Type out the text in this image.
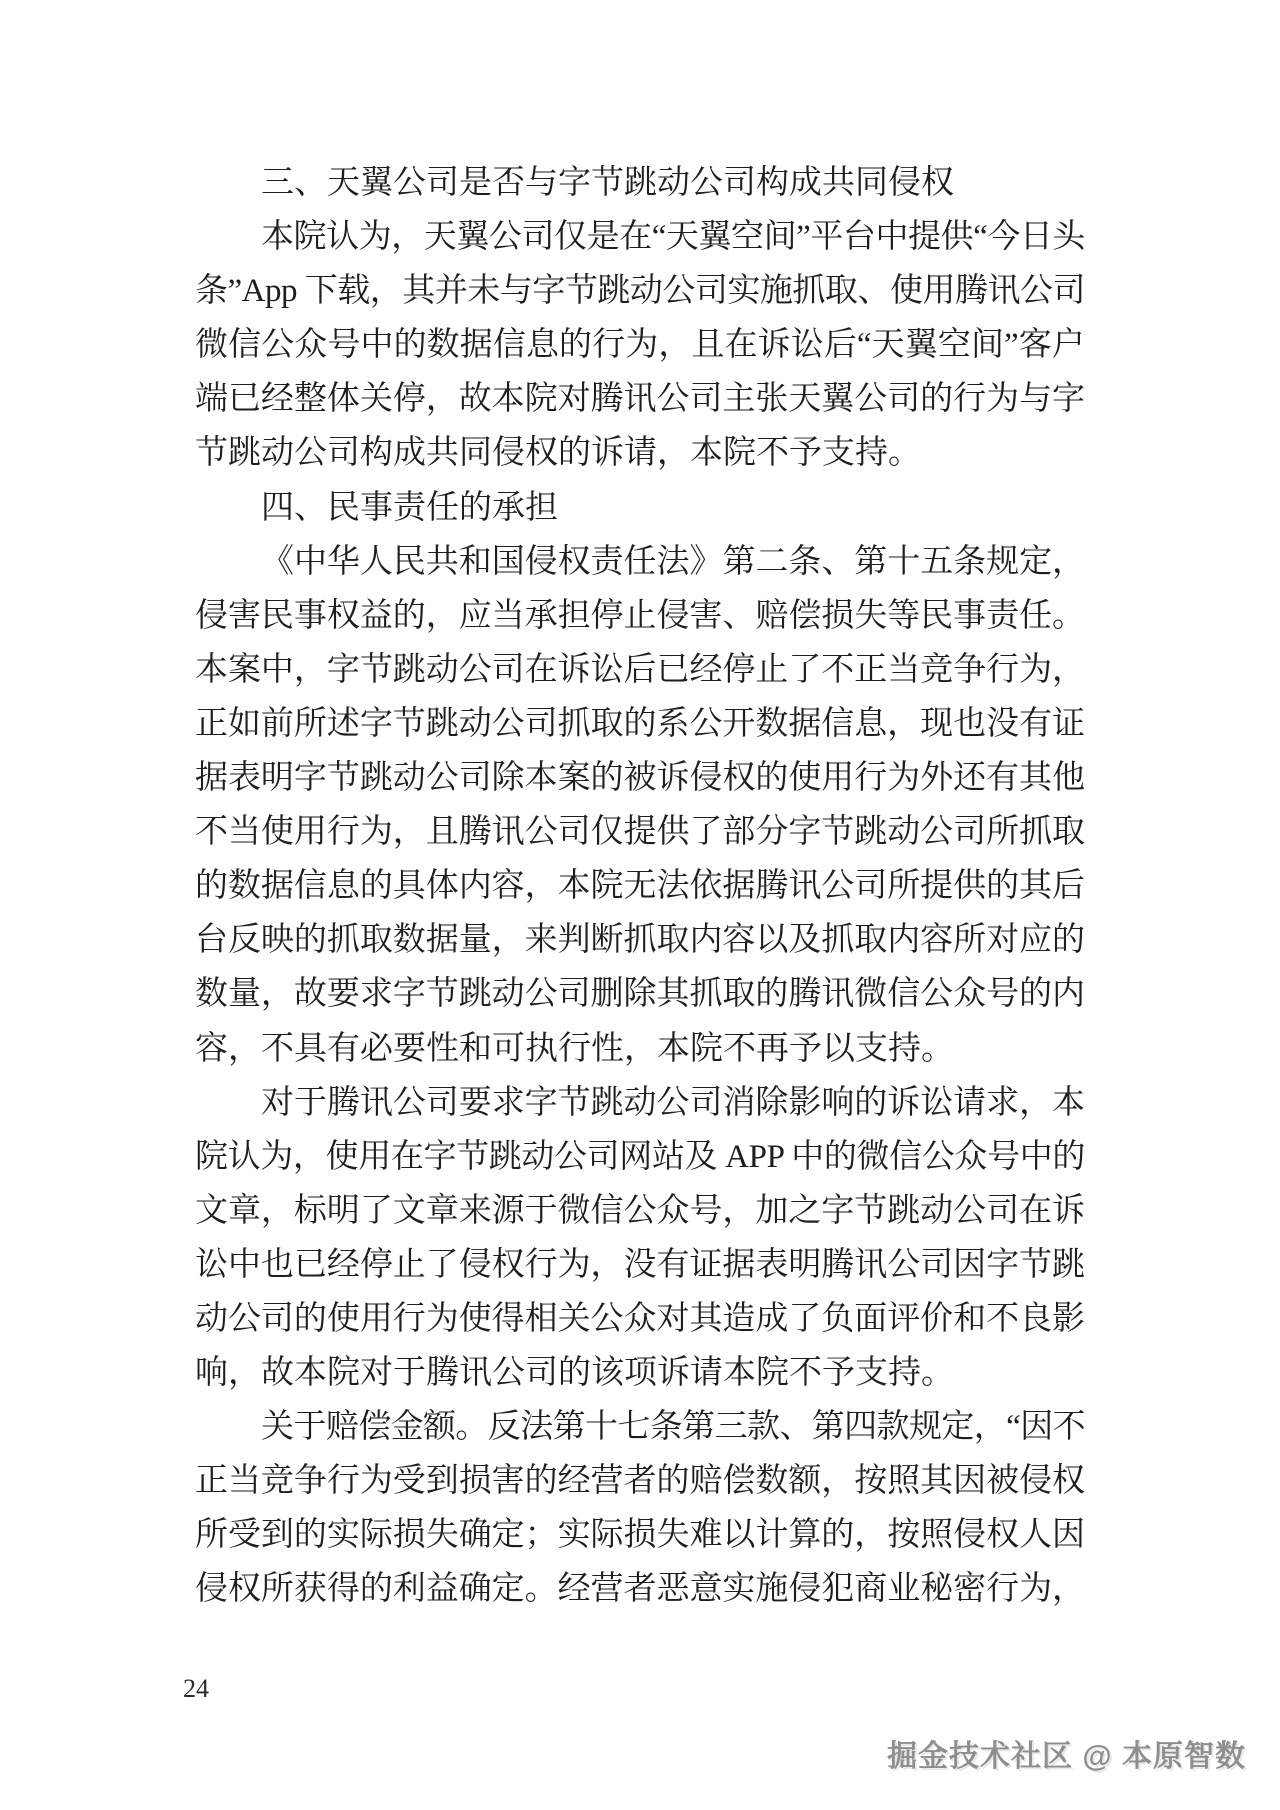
三、天翼公司是否与字节跳动公司构成共同侵权
本院认为，天翼公司仅是在“天翼空间”平台中提供“今日头
条”App 下载，其并未与字节跳动公司实施抓取、使用腾讯公司
微信公众号中的数据信息的行为，且在诉讼后“天翼空间”客户
端已经整体关停，故本院对腾讯公司主张天翼公司的行为与字
节跳动公司构成共同侵权的诉请，本院不予支持。
四、民事责任的承担
《中华人民共和国侵权责任法》第二条、第十五条规定，
侵害民事权益的，应当承担停止侵害、赔偿损失等民事责任。
本案中，字节跳动公司在诉讼后已经停止了不正当竞争行为，
正如前所述字节跳动公司抓取的系公开数据信息，现也没有证
据表明字节跳动公司除本案的被诉侵权的使用行为外还有其他
不当使用行为，且腾讯公司仅提供了部分字节跳动公司所抓取
的数据信息的具体内容，本院无法依据腾讯公司所提供的其后
台反映的抓取数据量，来判断抓取内容以及抓取内容所对应的
数量，故要求字节跳动公司删除其抓取的腾讯微信公众号的内
容，不具有必要性和可执行性，本院不再予以支持。
对于腾讯公司要求字节跳动公司消除影响的诉讼请求，本
院认为，使用在字节跳动公司网站及 APP 中的微信公众号中的
文章，标明了文章来源于微信公众号，加之字节跳动公司在诉
讼中也已经停止了侵权行为，没有证据表明腾讯公司因字节跳
动公司的使用行为使得相关公众对其造成了负面评价和不良影
响，故本院对于腾讯公司的该项诉请本院不予支持。
关于赔偿金额。反法第十七条第三款、第四款规定，“因不
正当竞争行为受到损害的经营者的赔偿数额，按照其因被侵权
所受到的实际损失确定；实际损失难以计算的，按照侵权人因
侵权所获得的利益确定。经营者恶意实施侵犯商业秘密行为，
24
掘金技术社区 @ 本原智数
